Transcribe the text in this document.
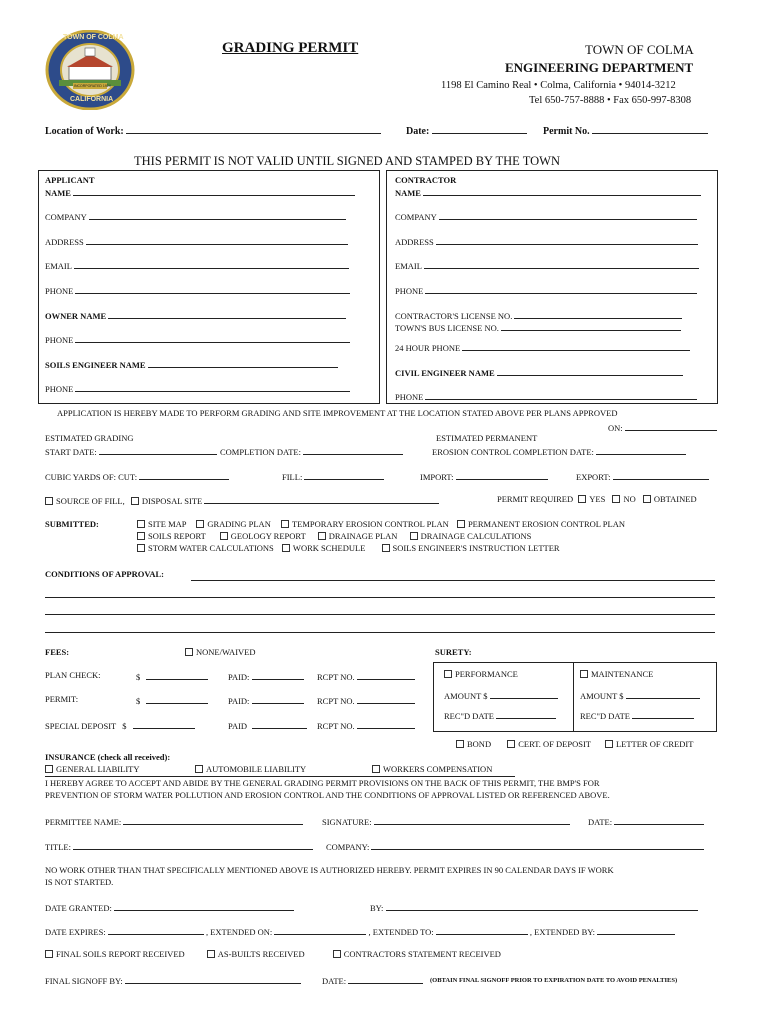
TOWN OF COLMA
INCORPORATED 1924
CALIFORNIA
GRADING PERMIT	TOWN OF COLMA
ENGINEERING DEPARTMENT
1198 El Camino Real • Colma, California • 94014-3212
Tel 650-757-8888 • Fax 650-997-8308
Location of Work:	Date:	Permit No.
THIS PERMIT IS NOT VALID UNTIL SIGNED AND STAMPED BY THE TOWN
APPLICANT
NAME
COMPANY
ADDRESS
EMAIL
PHONE
OWNER NAME
PHONE
SOILS ENGINEER NAME
PHONE
CONTRACTOR
NAME
COMPANY
ADDRESS
EMAIL
PHONE
CONTRACTOR'S LICENSE NO.
TOWN'S BUS LICENSE NO.
24 HOUR PHONE
CIVIL ENGINEER NAME
PHONE
APPLICATION IS HEREBY MADE TO PERFORM GRADING AND SITE IMPROVEMENT AT THE LOCATION STATED ABOVE PER PLANS APPROVED
ON:
ESTIMATED GRADING
START DATE:	COMPLETION DATE:
ESTIMATED PERMANENT
EROSION CONTROL COMPLETION DATE:
CUBIC YARDS OF: CUT:	FILL:	IMPORT:	EXPORT:
SOURCE OF FILL, DISPOSAL SITE	PERMIT REQUIRED YES NO OBTAINED
SUBMITTED:	SITE MAP GRADING PLAN TEMPORARY EROSION CONTROL PLAN PERMANENT EROSION CONTROL PLAN
SOILS REPORT	GEOLOGY REPORT	DRAINAGE PLAN	DRAINAGE CALCULATIONS
STORM WATER CALCULATIONS WORK SCHEDULE	SOILS ENGINEER'S INSTRUCTION LETTER
CONDITIONS OF APPROVAL:
FEES:	NONE/WAIVED	SURETY:
PLAN CHECK:	$	PAID:	RCPT NO.
PERMIT:	$	PAID:	RCPT NO.
SPECIAL DEPOSIT $	PAID	RCPT NO.
PERFORMANCE	MAINTENANCE
AMOUNT $	AMOUNT $
REC"D DATE	REC"D DATE
BOND	CERT. OF DEPOSIT	LETTER OF CREDIT
INSURANCE (check all received):
GENERAL LIABILITY	AUTOMOBILE LIABILITY	WORKERS COMPENSATION
I HEREBY AGREE TO ACCEPT AND ABIDE BY THE GENERAL GRADING PERMIT PROVISIONS ON THE BACK OF THIS PERMIT, THE BMP'S FOR
PREVENTION OF STORM WATER POLLUTION AND EROSION CONTROL AND THE CONDITIONS OF APPROVAL LISTED OR REFERENCED ABOVE.
PERMITTEE NAME:	SIGNATURE:	DATE:
TITLE:	COMPANY:
NO WORK OTHER THAN THAT SPECIFICALLY MENTIONED ABOVE IS AUTHORIZED HEREBY. PERMIT EXPIRES IN 90 CALENDAR DAYS IF WORK
IS NOT STARTED.
DATE GRANTED:	BY:
DATE EXPIRES:	, EXTENDED ON:	, EXTENDED TO:	, EXTENDED BY:
FINAL SOILS REPORT RECEIVED	AS-BUILTS RECEIVED	CONTRACTORS STATEMENT RECEIVED
FINAL SIGNOFF BY:	DATE:	(OBTAIN FINAL SIGNOFF PRIOR TO EXPIRATION DATE TO AVOID PENALTIES)
